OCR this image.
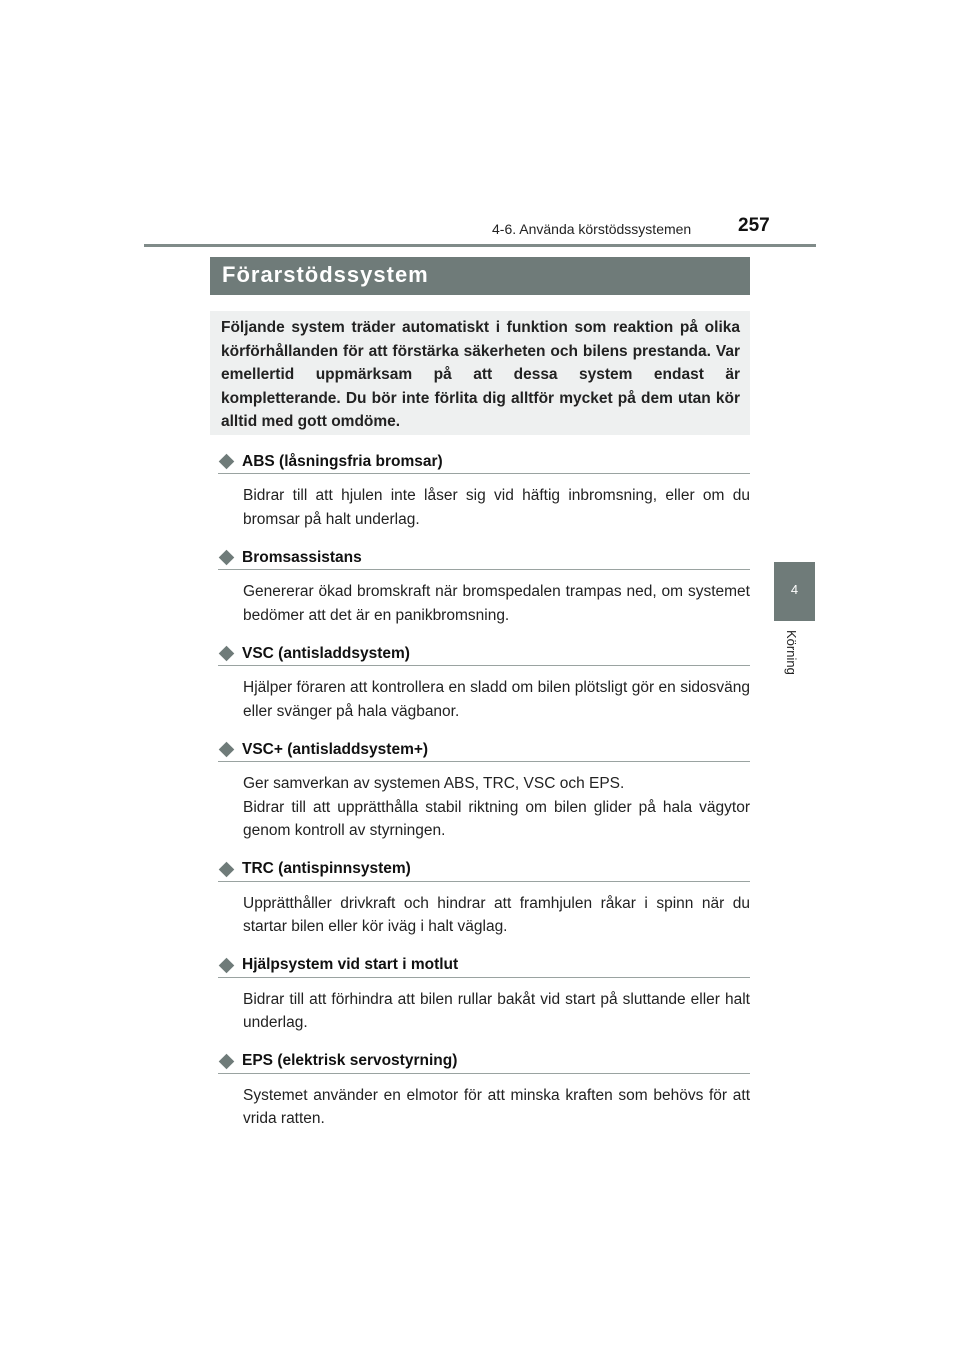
4-6. Använda körstödssystemen 257
Förarstödssystem

Följande system träder automatiskt i funktion som reaktion på olika körförhållanden för att förstärka säkerheten och bilens prestanda. Var emellertid uppmärksam på att dessa system endast är kompletterande. Du bör inte förlita dig alltför mycket på dem utan kör alltid med gott omdöme.

4
Körning
ABS (låsningsfria bromsar)

Bidrar till att hjulen inte låser sig vid häftig inbromsning, eller om du bromsar på halt underlag.

Bromsassistans

Genererar ökad bromskraft när bromspedalen trampas ned, om systemet bedömer att det är en panikbromsning.

VSC (antisladdsystem)

Hjälper föraren att kontrollera en sladd om bilen plötsligt gör en sidosväng eller svänger på hala vägbanor.

VSC+ (antisladdsystem+)

Ger samverkan av systemen ABS, TRC, VSC och EPS.

Bidrar till att upprätthålla stabil riktning om bilen glider på hala vägytor genom kontroll av styrningen.

TRC (antispinnsystem)

Upprätthåller drivkraft och hindrar att framhjulen råkar i spinn när du startar bilen eller kör iväg i halt väglag.

Hjälpsystem vid start i motlut

Bidrar till att förhindra att bilen rullar bakåt vid start på sluttande eller halt underlag.

EPS (elektrisk servostyrning)

Systemet använder en elmotor för att minska kraften som behövs för att vrida ratten.
